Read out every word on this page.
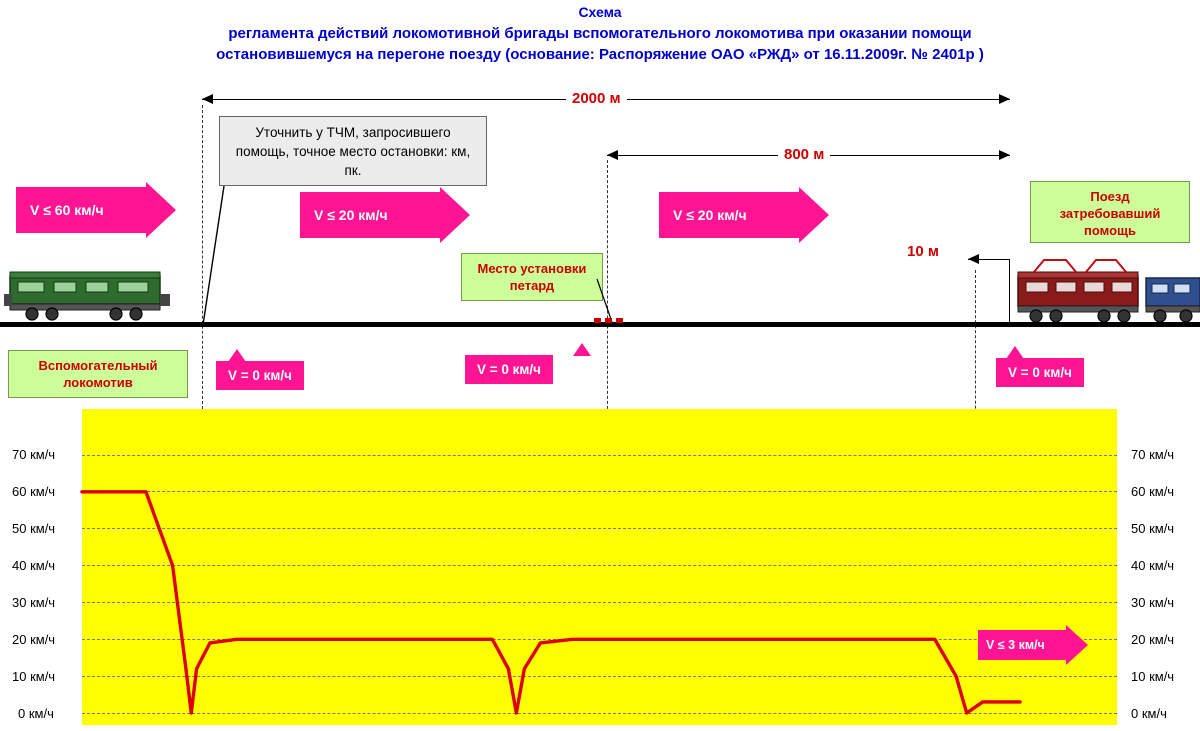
Схема
регламента действий локомотивной бригады вспомогательного локомотива при оказании помощи
остановившемуся на перегоне поезду (основание: Распоряжение ОАО «РЖД» от 16.11.2009г. № 2401р )
2000 м
800 м
10 м
Уточнить у ТЧМ, запросившего помощь, точное место остановки: км, пк.
V ≤ 60 км/ч	V ≤ 20 км/ч	V ≤ 20 км/ч
Место установки петард
Вспомогательный локомотив
Поезд затребовавший помощь
V = 0 км/ч	V = 0 км/ч	V = 0 км/ч
70 км/ч
60 км/ч
50 км/ч
40 км/ч
30 км/ч
20 км/ч
10 км/ч
0 км/ч
70 км/ч
60 км/ч
50 км/ч
40 км/ч
30 км/ч
20 км/ч
10 км/ч
0 км/ч
V ≤ 3 км/ч
